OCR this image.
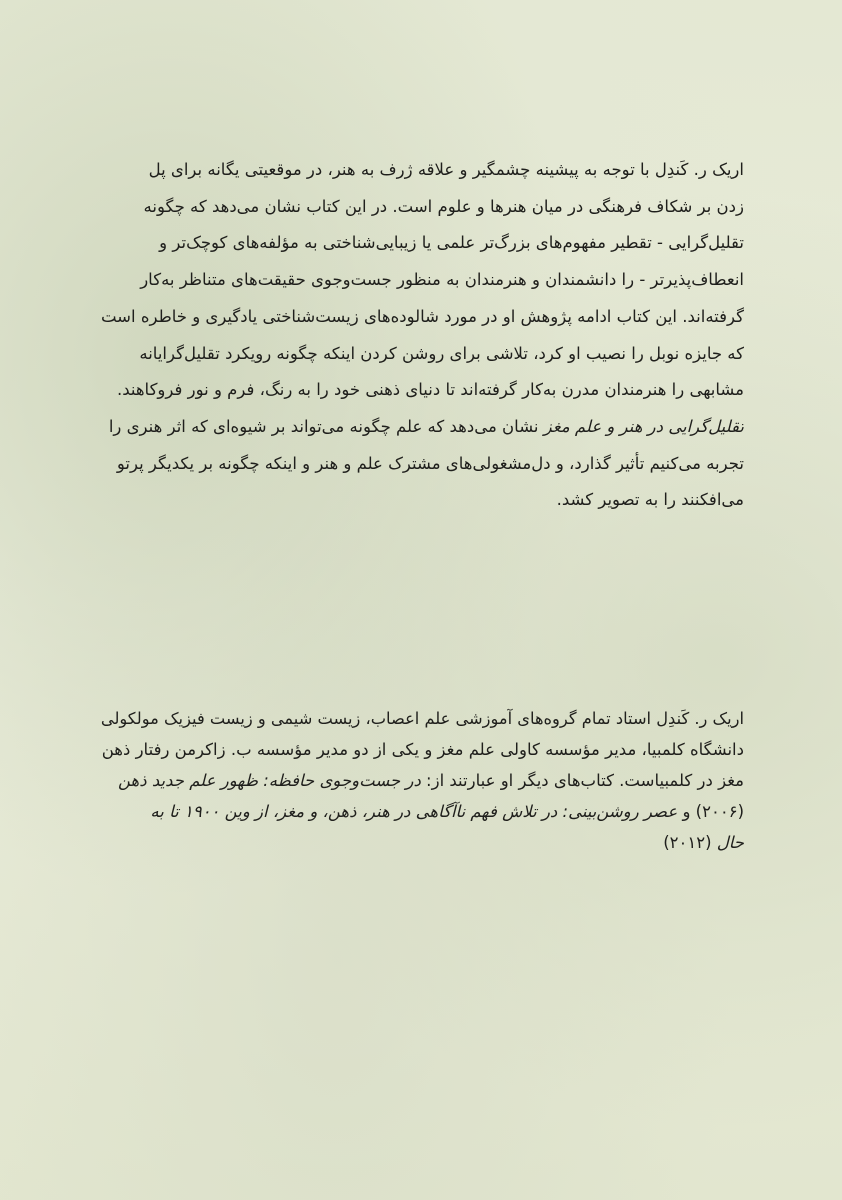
اریک ر. کَندِل با توجه به پیشینه چشمگیر و علاقه ژرف به هنر، در موقعیتی یگانه برای پل
زدن بر شکاف فرهنگی در میان هنرها و علوم است. در این کتاب نشان می‌دهد که چگونه
تقلیل‌گرایی - تقطیر مفهوم‌های بزرگ‌تر علمی یا زیبایی‌شناختی به مؤلفه‌های کوچک‌تر و
انعطاف‌پذیرتر - را دانشمندان و هنرمندان به منظور جست‌وجوی حقیقت‌های متناظر به‌کار
گرفته‌اند. این کتاب ادامه پژوهش او در مورد شالوده‌های زیست‌شناختی یادگیری و خاطره است
که جایزه نوبل را نصیب او کرد، تلاشی برای روشن کردن اینکه چگونه رویکرد تقلیل‌گرایانه
مشابهی را هنرمندان مدرن به‌کار گرفته‌اند تا دنیای ذهنی خود را به رنگ، فرم و نور فروکاهند.
تقلیل‌گرایی در هنر و علم مغز نشان می‌دهد که علم چگونه می‌تواند بر شیوه‌ای که اثر هنری را
تجربه می‌کنیم تأثیر گذارد، و دل‌مشغولی‌های مشترک علم و هنر و اینکه چگونه بر یکدیگر پرتو
می‌افکنند را به تصویر کشد.
اریک ر. کَندِل استاد تمام گروه‌های آموزشی علم اعصاب، زیست شیمی و زیست فیزیک مولکولی
دانشگاه کلمبیا، مدیر مؤسسه کاولی علم مغز و یکی از دو مدیر مؤسسه ب. زاکرمن رفتار ذهن
مغز در کلمبیاست. کتاب‌های دیگر او عبارتند از: در جست‌وجوی حافظه: ظهور علم جدید ذهن
(۲۰۰۶) و عصر روشن‌بینی: در تلاش فهم ناآگاهی در هنر، ذهن، و مغز، از وین ۱۹۰۰ تا به
حال (۲۰۱۲)
